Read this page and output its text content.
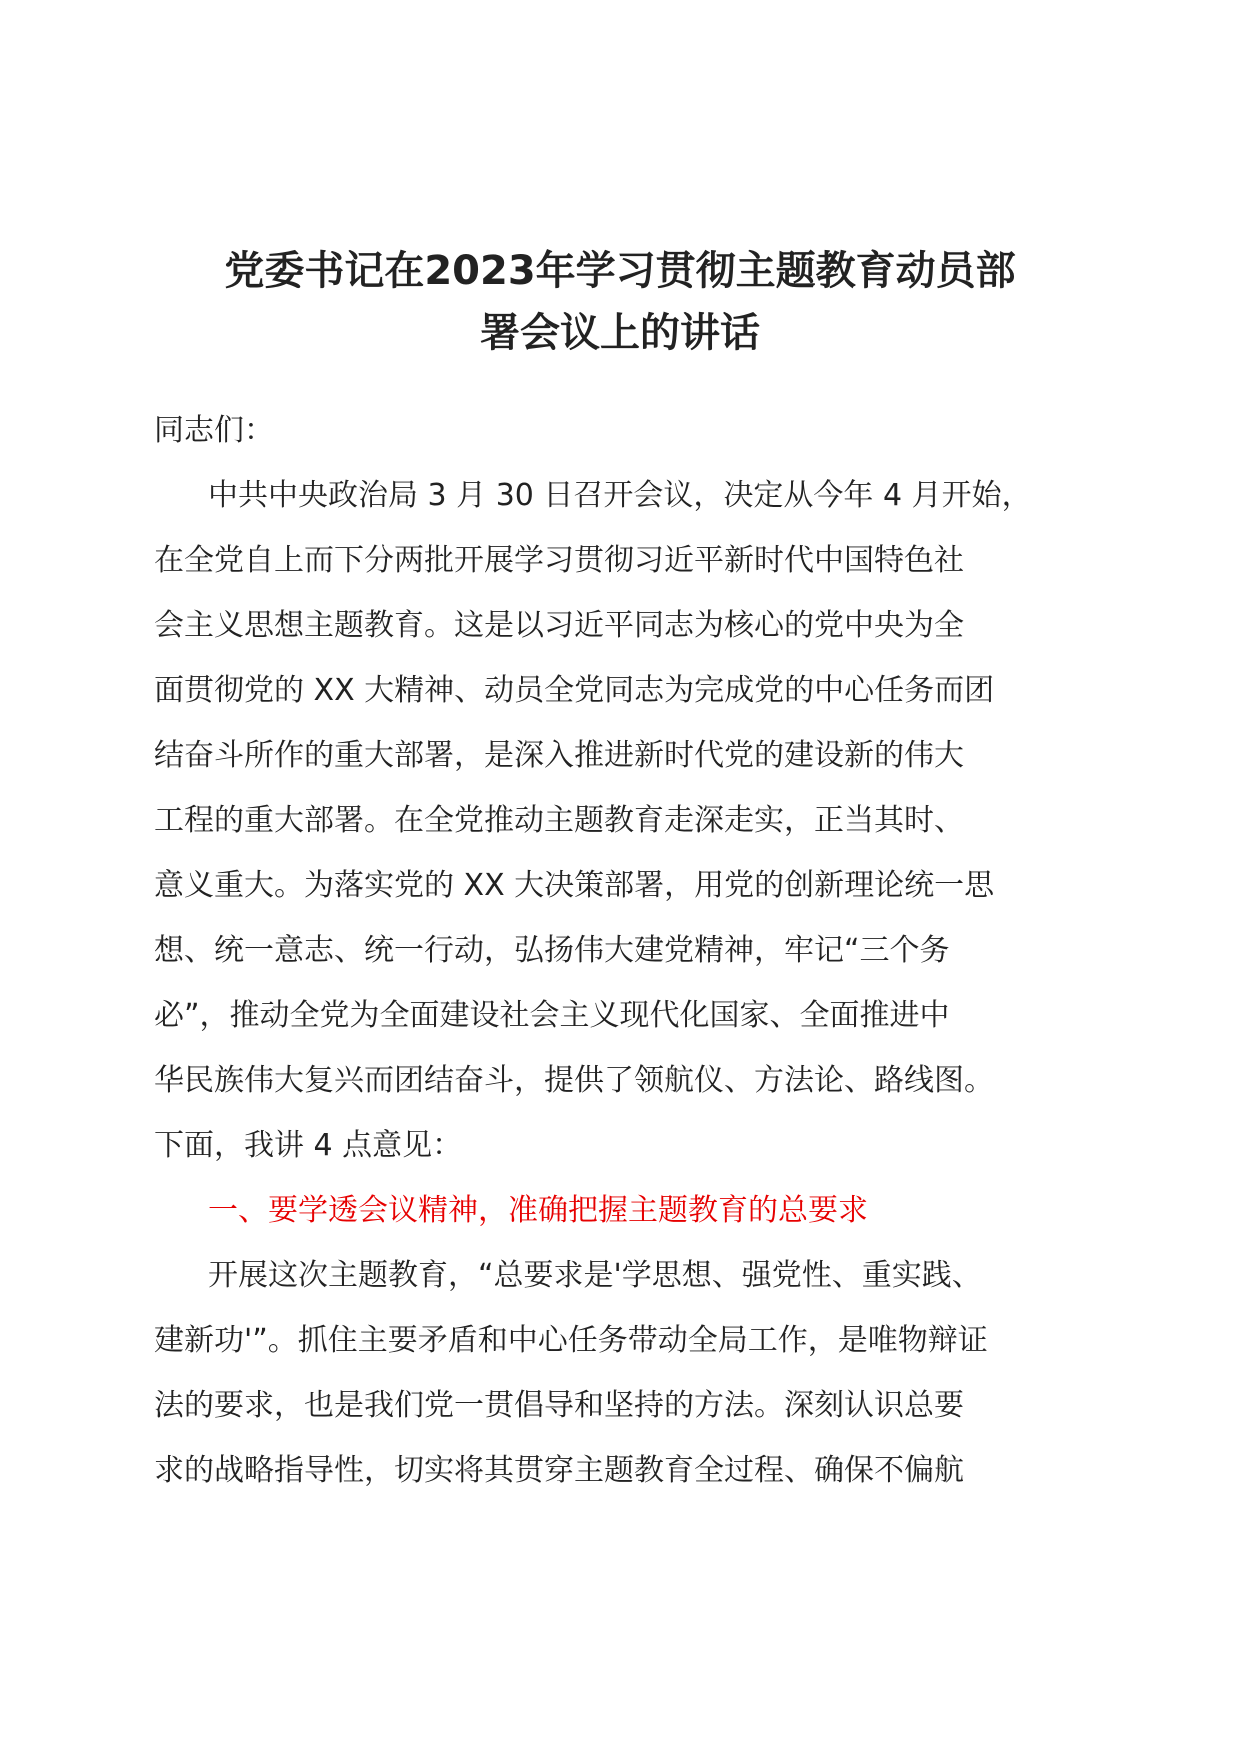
党委书记在2023年学习贯彻主题教育动员部
署会议上的讲话
同志们：
中共中央政治局 3 月 30 日召开会议，决定从今年 4 月开始，
在全党自上而下分两批开展学习贯彻习近平新时代中国特色社
会主义思想主题教育。这是以习近平同志为核心的党中央为全
面贯彻党的 XX 大精神、动员全党同志为完成党的中心任务而团
结奋斗所作的重大部署，是深入推进新时代党的建设新的伟大
工程的重大部署。在全党推动主题教育走深走实，正当其时、
意义重大。为落实党的 XX 大决策部署，用党的创新理论统一思
想、统一意志、统一行动，弘扬伟大建党精神，牢记“三个务
必”，推动全党为全面建设社会主义现代化国家、全面推进中
华民族伟大复兴而团结奋斗，提供了领航仪、方法论、路线图。
下面，我讲 4 点意见：
一、要学透会议精神，准确把握主题教育的总要求
开展这次主题教育，“总要求是'学思想、强党性、重实践、
建新功'”。抓住主要矛盾和中心任务带动全局工作，是唯物辩证
法的要求，也是我们党一贯倡导和坚持的方法。深刻认识总要
求的战略指导性，切实将其贯穿主题教育全过程、确保不偏航
